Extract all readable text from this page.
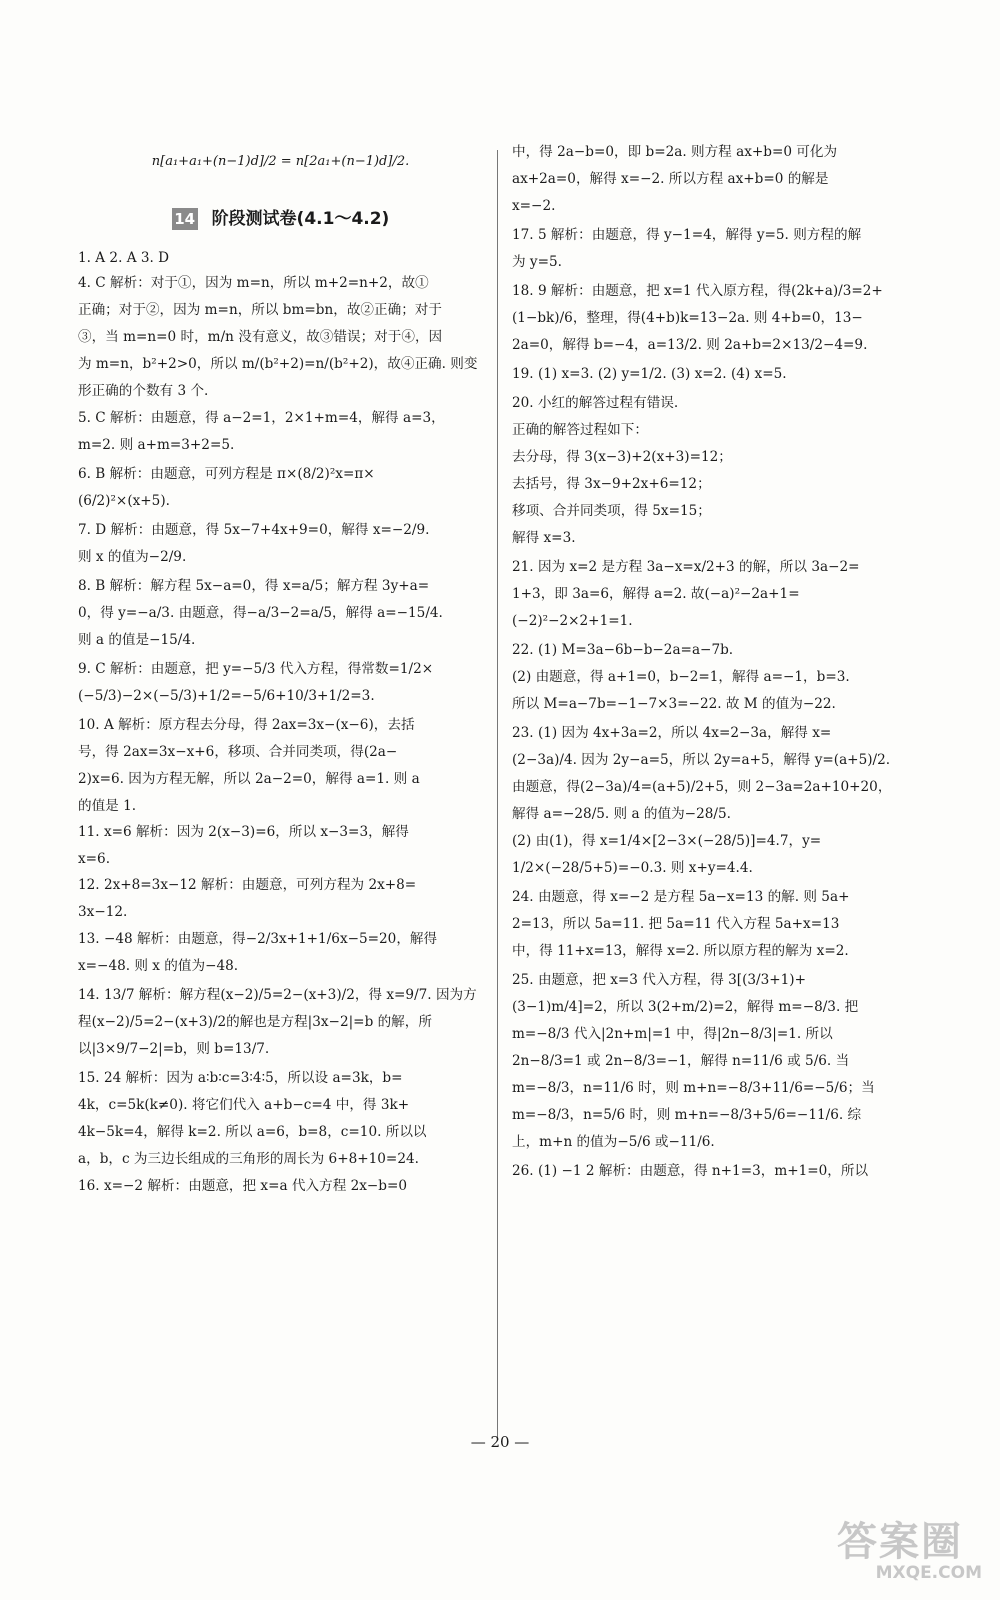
n[a₁+a₁+(n−1)d]/2 = n[2a₁+(n−1)d]/2.
14 阶段测试卷(4.1～4.2)
1. A 2. A 3. D
4. C 解析：对于①，因为 m=n，所以 m+2=n+2，故①
正确；对于②，因为 m=n，所以 bm=bn，故②正确；对于
③，当 m=n=0 时，m/n 没有意义，故③错误；对于④，因
为 m=n，b²+2>0，所以 m/(b²+2)=n/(b²+2)，故④正确. 则变
形正确的个数有 3 个.
5. C 解析：由题意，得 a−2=1，2×1+m=4，解得 a=3，
m=2. 则 a+m=3+2=5.
6. B 解析：由题意，可列方程是 π×(8/2)²x=π×
(6/2)²×(x+5).
7. D 解析：由题意，得 5x−7+4x+9=0，解得 x=−2/9.
则 x 的值为−2/9.
8. B 解析：解方程 5x−a=0，得 x=a/5；解方程 3y+a=
0，得 y=−a/3. 由题意，得−a/3−2=a/5，解得 a=−15/4.
则 a 的值是−15/4.
9. C 解析：由题意，把 y=−5/3 代入方程，得常数=1/2×
(−5/3)−2×(−5/3)+1/2=−5/6+10/3+1/2=3.
10. A 解析：原方程去分母，得 2ax=3x−(x−6)，去括
号，得 2ax=3x−x+6，移项、合并同类项，得(2a−
2)x=6. 因为方程无解，所以 2a−2=0，解得 a=1. 则 a
的值是 1.
11. x=6 解析：因为 2(x−3)=6，所以 x−3=3，解得
x=6.
12. 2x+8=3x−12 解析：由题意，可列方程为 2x+8=
3x−12.
13. −48 解析：由题意，得−2/3x+1+1/6x−5=20，解得
x=−48. 则 x 的值为−48.
14. 13/7 解析：解方程(x−2)/5=2−(x+3)/2，得 x=9/7. 因为方
程(x−2)/5=2−(x+3)/2的解也是方程|3x−2|=b 的解，所
以|3×9/7−2|=b，则 b=13/7.
15. 24 解析：因为 a∶b∶c=3∶4∶5，所以设 a=3k，b=
4k，c=5k(k≠0). 将它们代入 a+b−c=4 中，得 3k+
4k−5k=4，解得 k=2. 所以 a=6，b=8，c=10. 所以以
a，b，c 为三边长组成的三角形的周长为 6+8+10=24.
16. x=−2 解析：由题意，把 x=a 代入方程 2x−b=0
中，得 2a−b=0，即 b=2a. 则方程 ax+b=0 可化为
ax+2a=0，解得 x=−2. 所以方程 ax+b=0 的解是
x=−2.
17. 5 解析：由题意，得 y−1=4，解得 y=5. 则方程的解
为 y=5.
18. 9 解析：由题意，把 x=1 代入原方程，得(2k+a)/3=2+
(1−bk)/6，整理，得(4+b)k=13−2a. 则 4+b=0，13−
2a=0，解得 b=−4，a=13/2. 则 2a+b=2×13/2−4=9.
19. (1) x=3. (2) y=1/2. (3) x=2. (4) x=5.
20. 小红的解答过程有错误.
正确的解答过程如下：
去分母，得 3(x−3)+2(x+3)=12；
去括号，得 3x−9+2x+6=12；
移项、合并同类项，得 5x=15；
解得 x=3.
21. 因为 x=2 是方程 3a−x=x/2+3 的解，所以 3a−2=
1+3，即 3a=6，解得 a=2. 故(−a)²−2a+1=
(−2)²−2×2+1=1.
22. (1) M=3a−6b−b−2a=a−7b.
(2) 由题意，得 a+1=0，b−2=1，解得 a=−1，b=3.
所以 M=a−7b=−1−7×3=−22. 故 M 的值为−22.
23. (1) 因为 4x+3a=2，所以 4x=2−3a，解得 x=
(2−3a)/4. 因为 2y−a=5，所以 2y=a+5，解得 y=(a+5)/2.
由题意，得(2−3a)/4=(a+5)/2+5，则 2−3a=2a+10+20，
解得 a=−28/5. 则 a 的值为−28/5.
(2) 由(1)，得 x=1/4×[2−3×(−28/5)]=4.7，y=
1/2×(−28/5+5)=−0.3. 则 x+y=4.4.
24. 由题意，得 x=−2 是方程 5a−x=13 的解. 则 5a+
2=13，所以 5a=11. 把 5a=11 代入方程 5a+x=13
中，得 11+x=13，解得 x=2. 所以原方程的解为 x=2.
25. 由题意，把 x=3 代入方程，得 3[(3/3+1)+
(3−1)m/4]=2，所以 3(2+m/2)=2，解得 m=−8/3. 把
m=−8/3 代入|2n+m|=1 中，得|2n−8/3|=1. 所以
2n−8/3=1 或 2n−8/3=−1，解得 n=11/6 或 5/6. 当
m=−8/3，n=11/6 时，则 m+n=−8/3+11/6=−5/6；当
m=−8/3，n=5/6 时，则 m+n=−8/3+5/6=−11/6. 综
上，m+n 的值为−5/6 或−11/6.
26. (1) −1 2 解析：由题意，得 n+1=3，m+1=0，所以
— 20 —
答案圈
MXQE.COM
